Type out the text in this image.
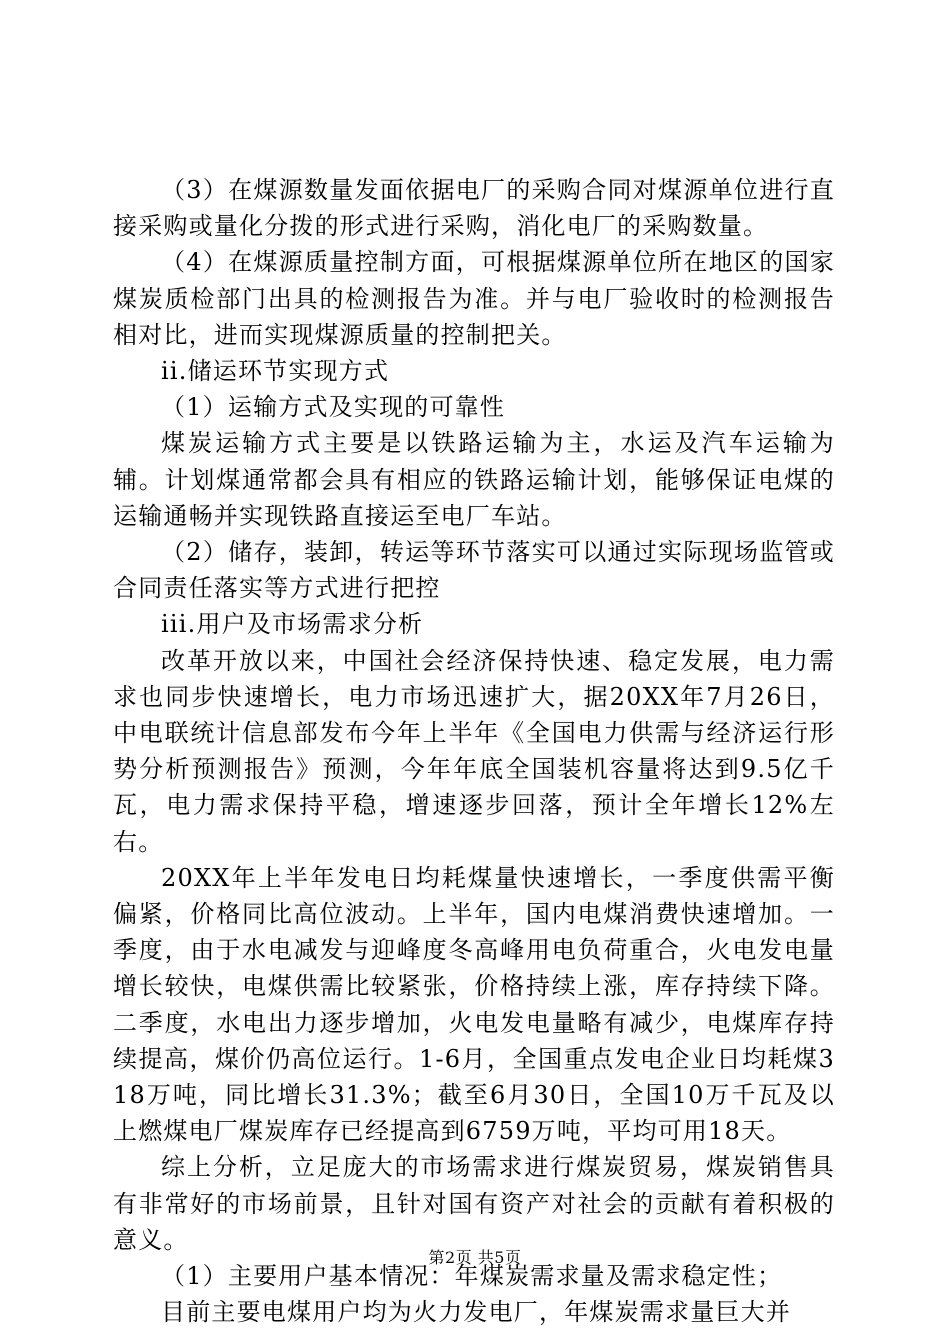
（3）在煤源数量发面依据电厂的采购合同对煤源单位进行直接采购或量化分拨的形式进行采购，消化电厂的采购数量。

（4）在煤源质量控制方面，可根据煤源单位所在地区的国家煤炭质检部门出具的检测报告为准。并与电厂验收时的检测报告相对比，进而实现煤源质量的控制把关。

ii.储运环节实现方式

（1）运输方式及实现的可靠性

煤炭运输方式主要是以铁路运输为主，水运及汽车运输为辅。计划煤通常都会具有相应的铁路运输计划，能够保证电煤的运输通畅并实现铁路直接运至电厂车站。

（2）储存，装卸，转运等环节落实可以通过实际现场监管或合同责任落实等方式进行把控

iii.用户及市场需求分析

改革开放以来，中国社会经济保持快速、稳定发展，电力需求也同步快速增长，电力市场迅速扩大，据20XX年7月26日，中电联统计信息部发布今年上半年《全国电力供需与经济运行形势分析预测报告》预测，今年年底全国装机容量将达到9.5亿千瓦，电力需求保持平稳，增速逐步回落，预计全年增长12%左右。

20XX年上半年发电日均耗煤量快速增长，一季度供需平衡偏紧，价格同比高位波动。上半年，国内电煤消费快速增加。一季度，由于水电减发与迎峰度冬高峰用电负荷重合，火电发电量增长较快，电煤供需比较紧张，价格持续上涨，库存持续下降。二季度，水电出力逐步增加，火电发电量略有减少，电煤库存持续提高，煤价仍高位运行。1-6月，全国重点发电企业日均耗煤318万吨，同比增长31.3%；截至6月30日，全国10万千瓦及以上燃煤电厂煤炭库存已经提高到6759万吨，平均可用18天。

综上分析，立足庞大的市场需求进行煤炭贸易，煤炭销售具有非常好的市场前景，且针对国有资产对社会的贡献有着积极的意义。

（1）主要用户基本情况：年煤炭需求量及需求稳定性；

目前主要电煤用户均为火力发电厂，年煤炭需求量巨大并

第2页 共5页
